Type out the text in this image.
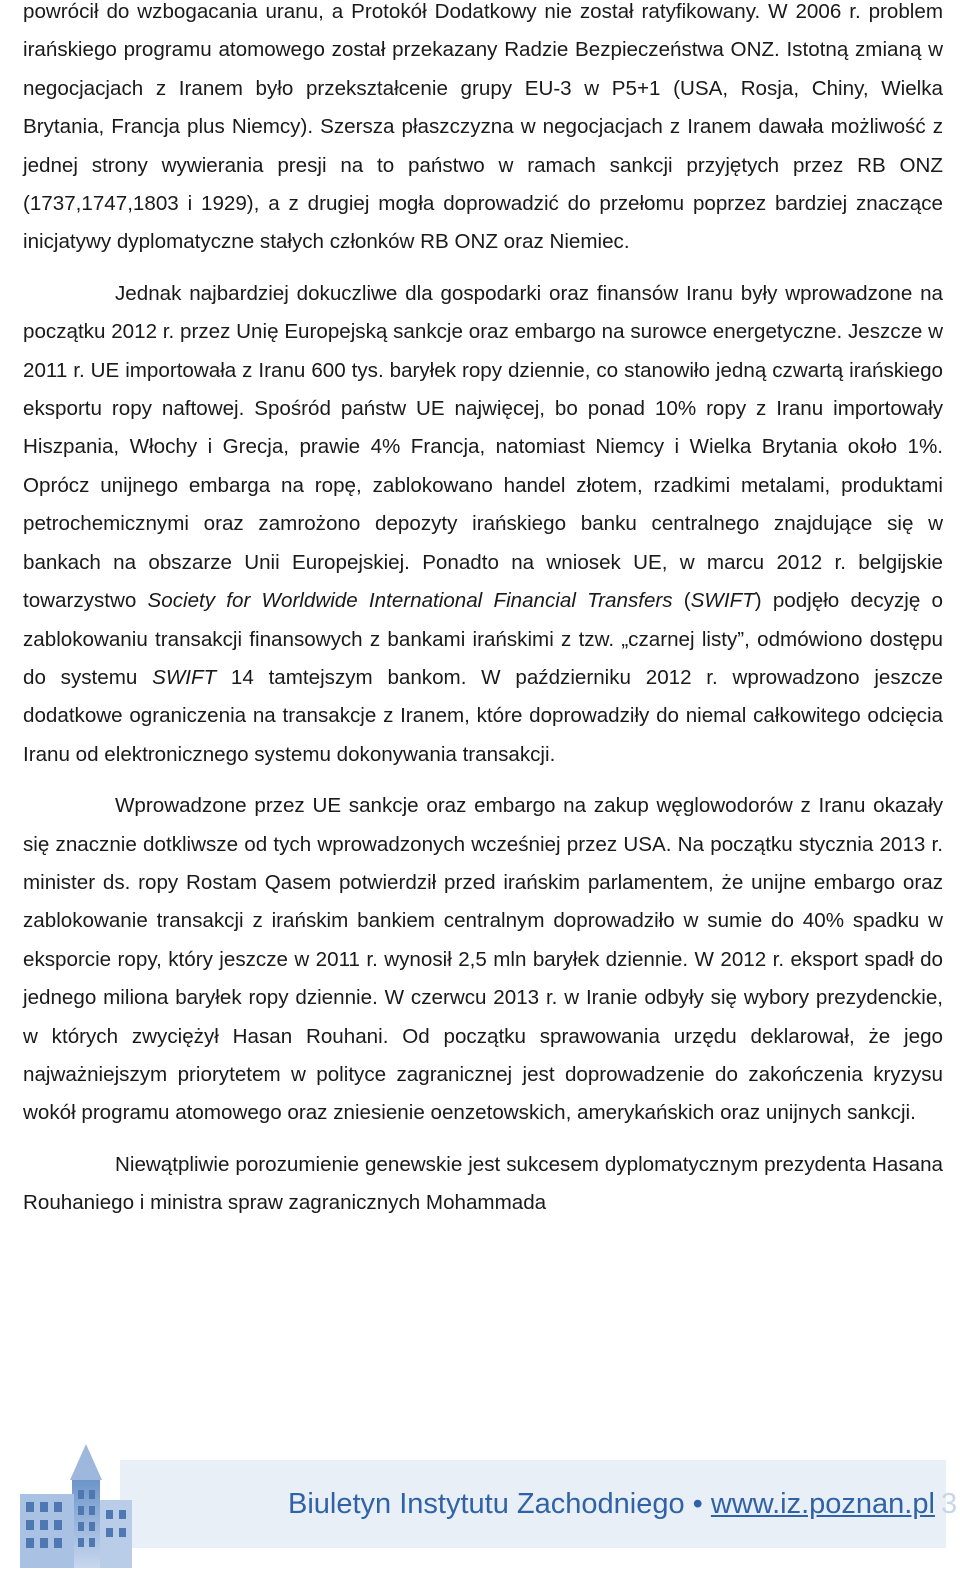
powrócił do wzbogacania uranu, a Protokół Dodatkowy nie został ratyfikowany. W 2006 r. problem irańskiego programu atomowego został przekazany Radzie Bezpieczeństwa ONZ. Istotną zmianą w negocjacjach z Iranem było przekształcenie grupy EU-3 w P5+1 (USA, Rosja, Chiny, Wielka Brytania, Francja plus Niemcy). Szersza płaszczyzna w negocjacjach z Iranem dawała możliwość z jednej strony wywierania presji na to państwo w ramach sankcji przyjętych przez RB ONZ (1737,1747,1803 i 1929), a z drugiej mogła doprowadzić do przełomu poprzez bardziej znaczące inicjatywy dyplomatyczne stałych członków RB ONZ oraz Niemiec.

Jednak najbardziej dokuczliwe dla gospodarki oraz finansów Iranu były wprowadzone na początku 2012 r. przez Unię Europejską sankcje oraz embargo na surowce energetyczne. Jeszcze w 2011 r. UE importowała z Iranu 600 tys. baryłek ropy dziennie, co stanowiło jedną czwartą irańskiego eksportu ropy naftowej. Spośród państw UE najwięcej, bo ponad 10% ropy z Iranu importowały Hiszpania, Włochy i Grecja, prawie 4% Francja, natomiast Niemcy i Wielka Brytania około 1%. Oprócz unijnego embarga na ropę, zablokowano handel złotem, rzadkimi metalami, produktami petrochemicznymi oraz zamrożono depozyty irańskiego banku centralnego znajdujące się w bankach na obszarze Unii Europejskiej. Ponadto na wniosek UE, w marcu 2012 r. belgijskie towarzystwo Society for Worldwide International Financial Transfers (SWIFT) podjęło decyzję o zablokowaniu transakcji finansowych z bankami irańskimi z tzw. „czarnej listy”, odmówiono dostępu do systemu SWIFT 14 tamtejszym bankom. W październiku 2012 r. wprowadzono jeszcze dodatkowe ograniczenia na transakcje z Iranem, które doprowadziły do niemal całkowitego odcięcia Iranu od elektronicznego systemu dokonywania transakcji.

Wprowadzone przez UE sankcje oraz embargo na zakup węglowodorów z Iranu okazały się znacznie dotkliwsze od tych wprowadzonych wcześniej przez USA. Na początku stycznia 2013 r. minister ds. ropy Rostam Qasem potwierdził przed irańskim parlamentem, że unijne embargo oraz zablokowanie transakcji z irańskim bankiem centralnym doprowadziło w sumie do 40% spadku w eksporcie ropy, który jeszcze w 2011 r. wynosił 2,5 mln baryłek dziennie. W 2012 r. eksport spadł do jednego miliona baryłek ropy dziennie. W czerwcu 2013 r. w Iranie odbyły się wybory prezydenckie, w których zwyciężył Hasan Rouhani. Od początku sprawowania urzędu deklarował, że jego najważniejszym priorytetem w polityce zagranicznej jest doprowadzenie do zakończenia kryzysu wokół programu atomowego oraz zniesienie oenzetowskich, amerykańskich oraz unijnych sankcji.

Niewątpliwie porozumienie genewskie jest sukcesem dyplomatycznym prezydenta Hasana Rouhaniego i ministra spraw zagranicznych Mohammada

Biuletyn Instytutu Zachodniego • www.iz.poznan.pl 3
